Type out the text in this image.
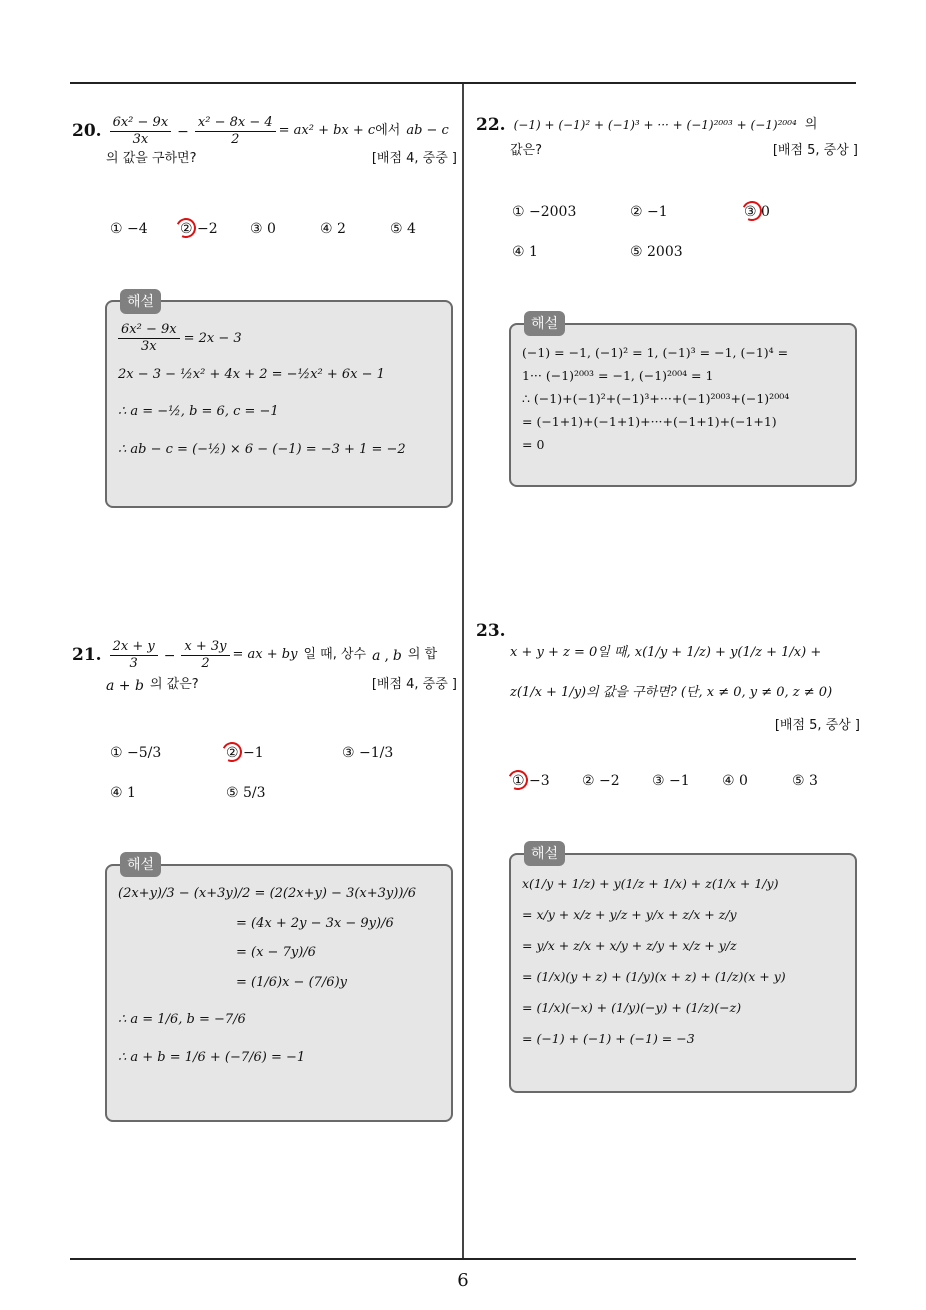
20. $\frac{\text{6x² − 9x}}{3x} - \frac{\text{x² − 8x − 4}}{2} = ax^2$ + bx + c 에서 ab − c
의 값을 구하면?	[배점 4, 중중 ]
① −4 ② −2 ③ 0	④ 2	⑤ 4
해설
$\frac{\text{6x² − 9x}}{3x} = 2x - 3$
2x − 3 − ½x² + 4x + 2 = −½x² + 6x − 1
∴ a = −½, b = 6, c = −1
∴ ab − c = (−½) × 6 − (−1) = −3 + 1 = −2
21. $\frac{2x + y}{3} - \frac{x + 3y}{2}$ = ax + by 일 때, 상수 a , b 의 합
a + b 의 값은?	[배점 4, 중중 ]
① −5/3	② −1	③ −1/3
④ 1	⑤ 5/3
해설
(2x+y)/3 − (x+3y)/2 = (2(2x+y) − 3(x+3y))/6
= (4x + 2y − 3x − 9y)/6
= (x − 7y)/6
= (1/6)x − (7/6)y
∴ a = 1/6, b = −7/6
∴ a + b = 1/6 + (−7/6) = −1
22. (−1) + (−1)² + (−1)³ + ··· + (−1)²⁰⁰³ + (−1)²⁰⁰⁴ 의
값은?	[배점 5, 중상 ]
① −2003	② −1	③ 0
④ 1	⑤ 2003
해설
(−1) = −1, (−1)² = 1, (−1)³ = −1, (−1)⁴ =
1··· (−1)²⁰⁰³ = −1, (−1)²⁰⁰⁴ = 1
∴ (−1)+(−1)²+(−1)³+···+(−1)²⁰⁰³+(−1)²⁰⁰⁴
= (−1+1)+(−1+1)+···+(−1+1)+(−1+1)
= 0
23.
x + y + z = 0일 때, x(1/y + 1/z) + y(1/z + 1/x) +
z(1/x + 1/y)의 값을 구하면? (단, x ≠ 0, y ≠ 0, z ≠ 0)
[배점 5, 중상 ]
① −3 ② −2 ③ −1 ④ 0	⑤ 3
해설
x(1/y + 1/z) + y(1/z + 1/x) + z(1/x + 1/y)
= x/y + x/z + y/z + y/x + z/x + z/y
= y/x + z/x + x/y + z/y + x/z + y/z
= (1/x)(y + z) + (1/y)(x + z) + (1/z)(x + y)
= (1/x)(−x) + (1/y)(−y) + (1/z)(−z)
= (−1) + (−1) + (−1) = −3
6
